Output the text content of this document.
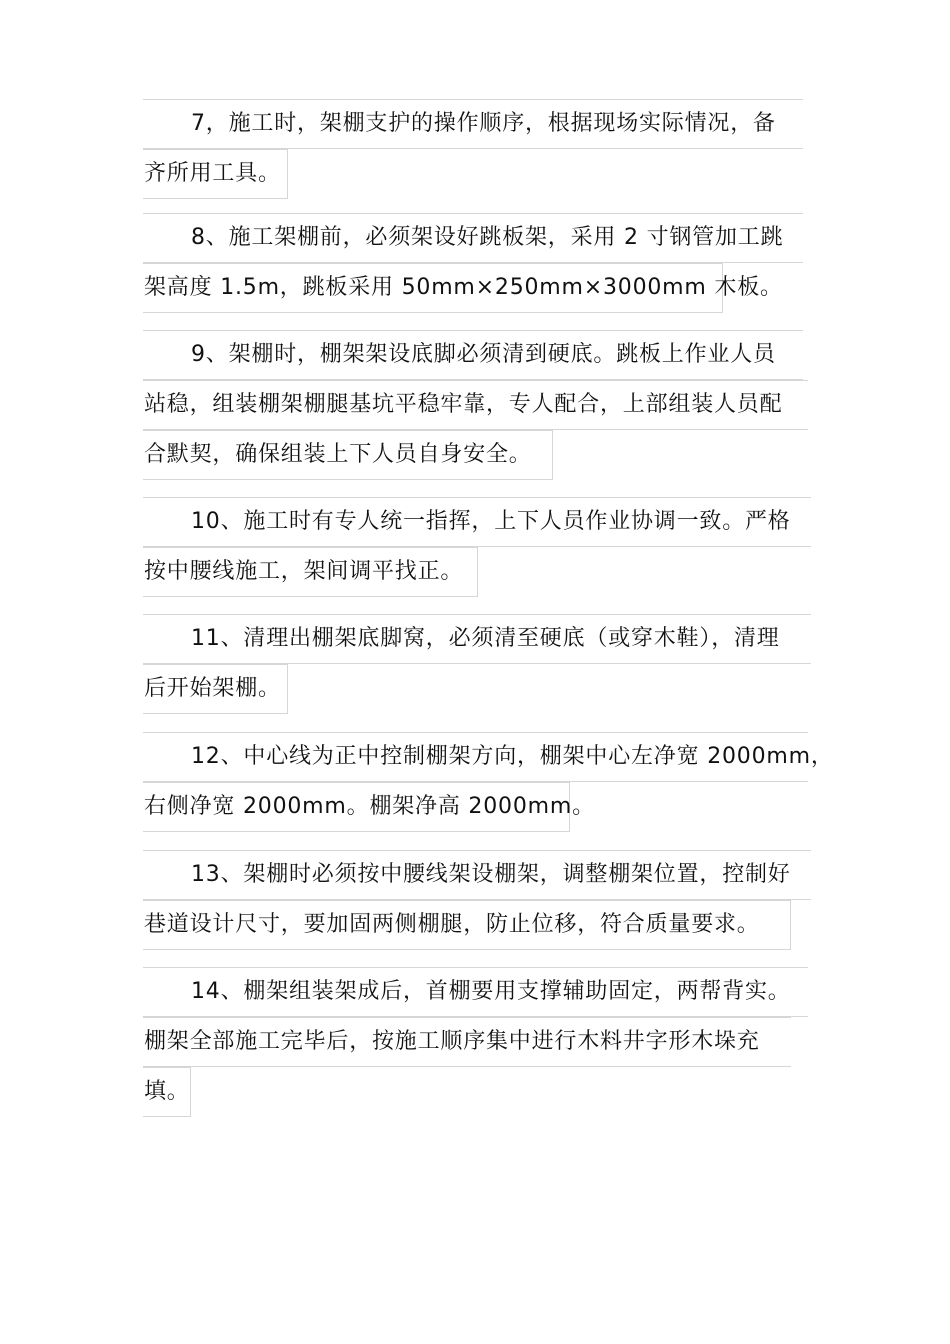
7，施工时，架棚支护的操作顺序，根据现场实际情况，备
齐所用工具。
8、施工架棚前，必须架设好跳板架，采用 2 寸钢管加工跳
架高度 1.5m，跳板采用 50mm×250mm×3000mm 木板。
9、架棚时，棚架架设底脚必须清到硬底。跳板上作业人员
站稳，组装棚架棚腿基坑平稳牢靠，专人配合，上部组装人员配
合默契，确保组装上下人员自身安全。
10、施工时有专人统一指挥，上下人员作业协调一致。严格
按中腰线施工，架间调平找正。
11、清理出棚架底脚窝，必须清至硬底（或穿木鞋），清理
后开始架棚。
12、中心线为正中控制棚架方向，棚架中心左净宽 2000mm，
右侧净宽 2000mm。棚架净高 2000mm。
13、架棚时必须按中腰线架设棚架，调整棚架位置，控制好
巷道设计尺寸，要加固两侧棚腿，防止位移，符合质量要求。
14、棚架组装架成后，首棚要用支撑辅助固定，两帮背实。
棚架全部施工完毕后，按施工顺序集中进行木料井字形木垛充
填。
